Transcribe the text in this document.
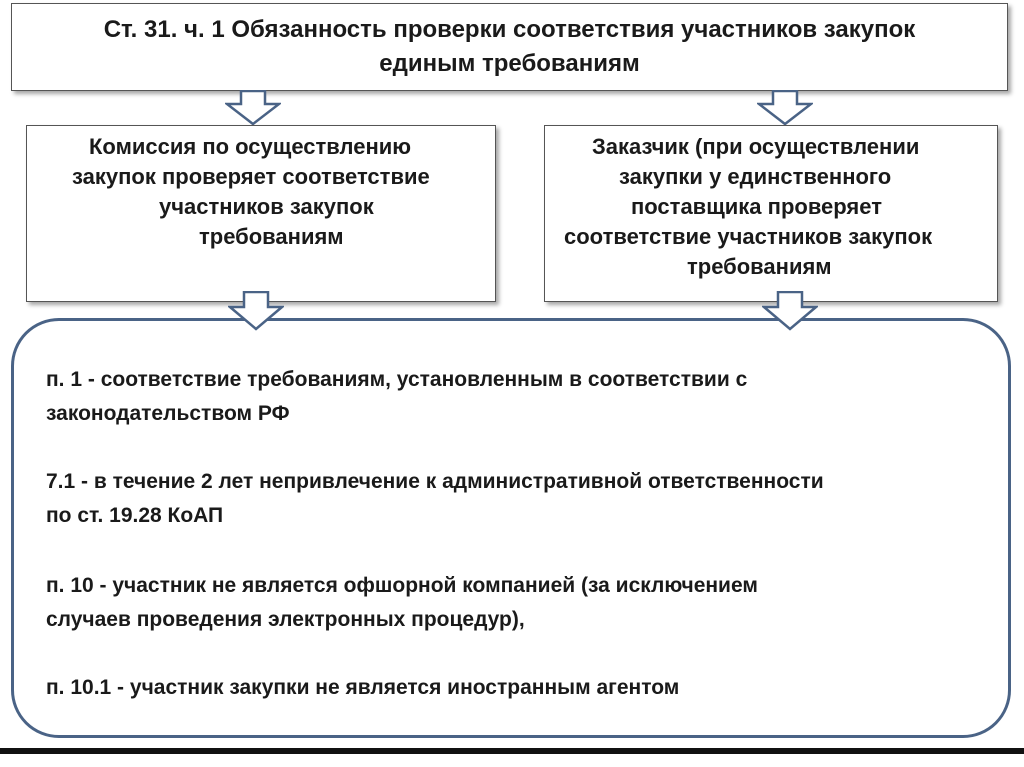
Ст. 31. ч. 1 Обязанность проверки соответствия участников закупок
единым требованиям
Комиссия по осуществлению
закупок проверяет соответствие
участников закупок
требованиям
Заказчик (при осуществлении
закупки у единственного
поставщика проверяет
соответствие участников закупок
требованиям
п. 1 - соответствие требованиям, установленным в соответствии с
законодательством РФ
7.1 - в течение 2 лет непривлечение к административной ответственности
по ст. 19.28 КоАП
п. 10 - участник не является офшорной компанией (за исключением
случаев проведения электронных процедур),
п. 10.1 - участник закупки не является иностранным агентом
